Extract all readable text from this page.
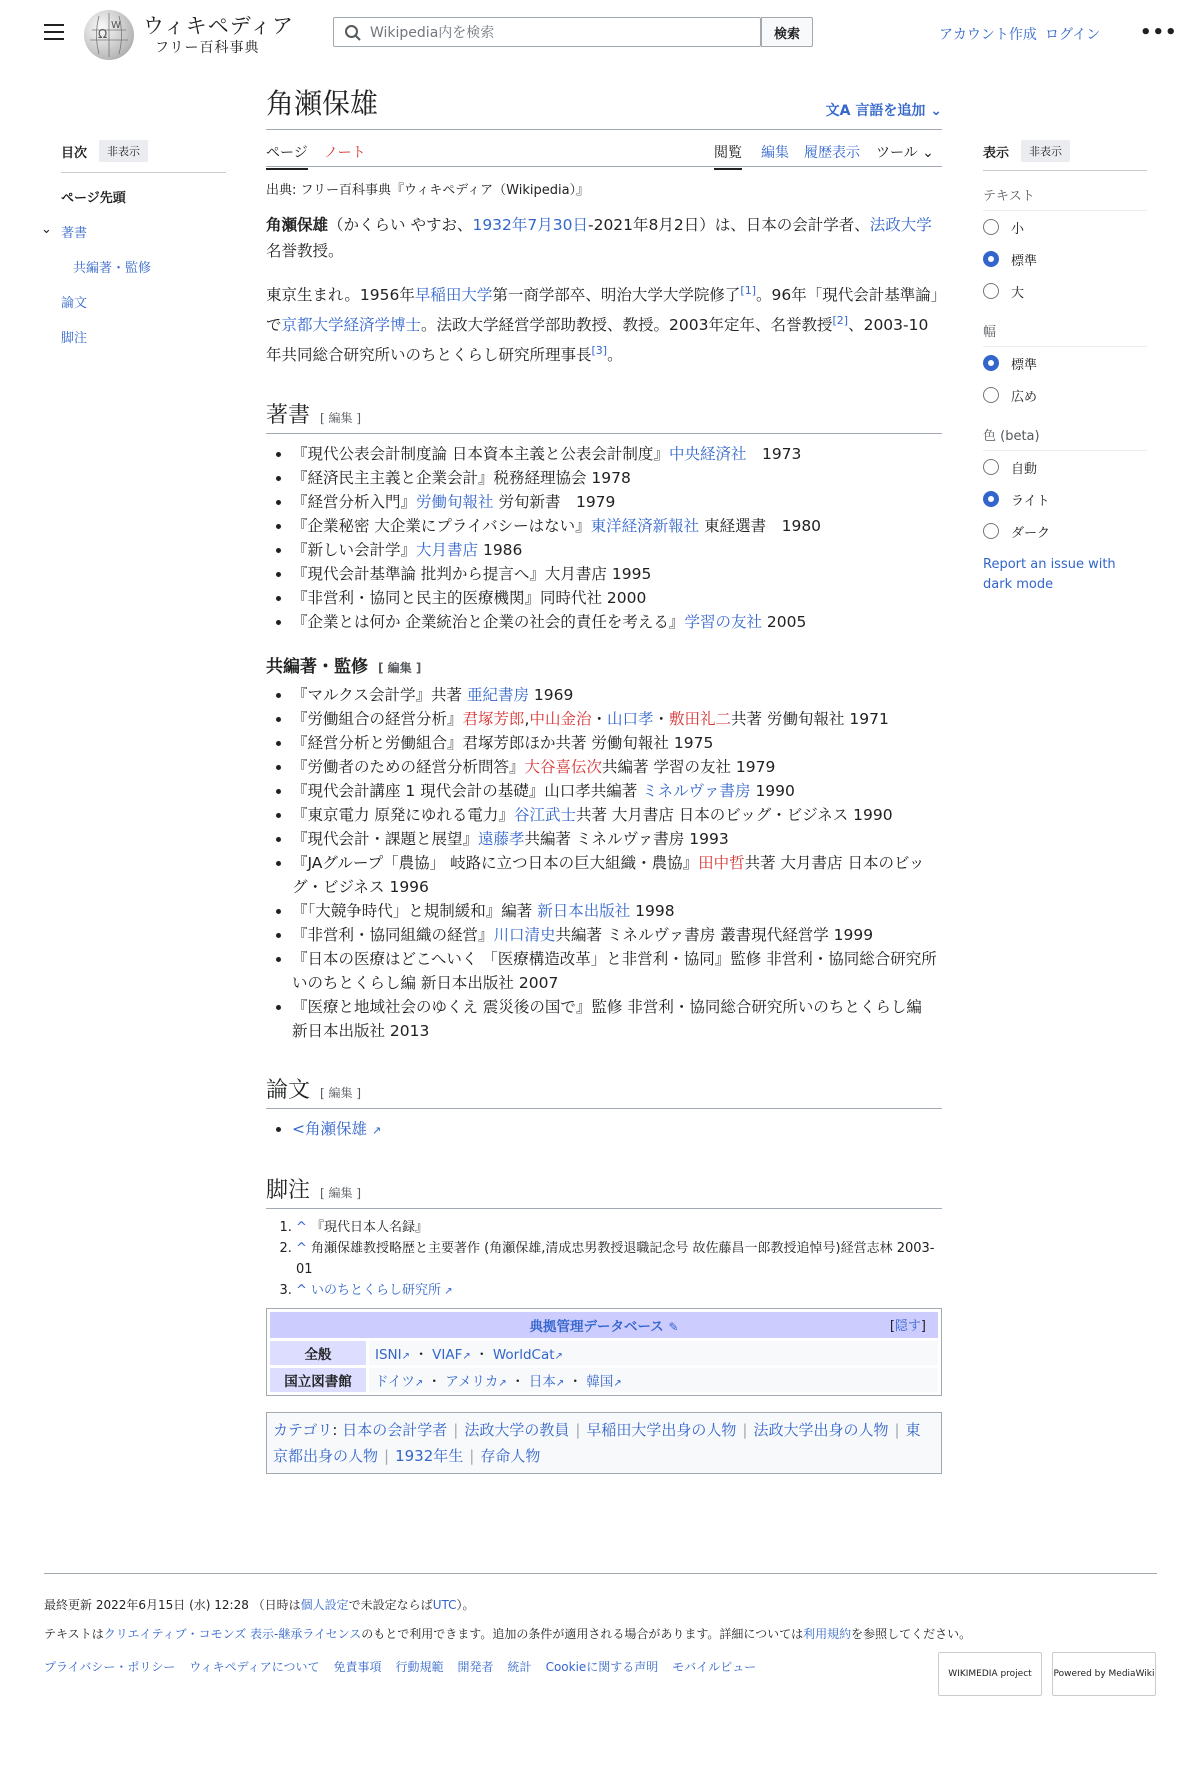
Ω
W ウィキペディア
フリー百科事典
Wikipedia内を検索
検索	アカウント作成 ログイン •••
目次	非表示
ページ先頭
⌄ 著書
共編著・監修
論文
脚注
表示	非表示
テキスト
小
標準
大
幅
標準
広め
色 (beta)
自動
ライト
ダーク
Report an issue with dark mode
角瀬保雄	文A 言語を追加 ⌄
ページ ノート	閲覧 編集 履歴表示 ツール ⌄
出典: フリー百科事典『ウィキペディア（Wikipedia）』

角瀬保雄（かくらい やすお、1932年7月30日-2021年8月2日）は、日本の会計学者、法政大学名誉教授。

東京生まれ。1956年早稲田大学第一商学部卒、明治大学大学院修了[1]。96年「現代会計基準論」で京都大学経済学博士。法政大学経営学部助教授、教授。2003年定年、名誉教授[2]、2003-10年共同総合研究所いのちとくらし研究所理事長[3]。

著書 [ 編集 ]
• 『現代公表会計制度論 日本資本主義と公表会計制度』中央経済社　1973
• 『経済民主主義と企業会計』税務経理協会 1978
• 『経営分析入門』労働旬報社 労旬新書　1979
• 『企業秘密 大企業にプライバシーはない』東洋経済新報社 東経選書　1980
• 『新しい会計学』大月書店 1986
• 『現代会計基準論 批判から提言へ』大月書店 1995
• 『非営利・協同と民主的医療機関』同時代社 2000
• 『企業とは何か 企業統治と企業の社会的責任を考える』学習の友社 2005
共編著・監修 [ 編集 ]
• 『マルクス会計学』共著 亜紀書房 1969
• 『労働組合の経営分析』君塚芳郎,中山金治・山口孝・敷田礼二共著 労働旬報社 1971
• 『経営分析と労働組合』君塚芳郎ほか共著 労働旬報社 1975
• 『労働者のための経営分析問答』大谷喜伝次共編著 学習の友社 1979
• 『現代会計講座 1 現代会計の基礎』山口孝共編著 ミネルヴァ書房 1990
• 『東京電力 原発にゆれる電力』谷江武士共著 大月書店 日本のビッグ・ビジネス 1990
• 『現代会計・課題と展望』遠藤孝共編著 ミネルヴァ書房 1993
• 『JAグループ「農協」 岐路に立つ日本の巨大組織・農協』田中哲共著 大月書店 日本のビッグ・ビジネス 1996
• 『「大競争時代」と規制緩和』編著 新日本出版社 1998
• 『非営利・協同組織の経営』川口清史共編著 ミネルヴァ書房 叢書現代経営学 1999
• 『日本の医療はどこへいく 「医療構造改革」と非営利・協同』監修 非営利・協同総合研究所いのちとくらし編 新日本出版社 2007
• 『医療と地域社会のゆくえ 震災後の国で』監修 非営利・協同総合研究所いのちとくらし編 新日本出版社 2013
論文 [ 編集 ]
• <角瀬保雄 ↗
脚注 [ 編集 ]
1. ^ 『現代日本人名録』
2. ^ 角瀬保雄教授略歴と主要著作 (角瀬保雄,清成忠男教授退職記念号 故佐藤昌一郎教授追悼号)経営志林 2003-01
3. ^ いのちとくらし研究所 ↗
典拠管理データベース ✎ [隠す]	

全般	ISNI↗ ・ VIAF↗ ・ WorldCat↗
国立図書館	ドイツ↗ ・ アメリカ↗ ・ 日本↗ ・ 韓国↗
カテゴリ: 日本の会計学者 | 法政大学の教員 | 早稲田大学出身の人物 | 法政大学出身の人物 | 東京都出身の人物 | 1932年生 | 存命人物
最終更新 2022年6月15日 (水) 12:28 （日時は個人設定で未設定ならばUTC）。
テキストはクリエイティブ・コモンズ 表示-継承ライセンスのもとで利用できます。追加の条件が適用される場合があります。詳細については利用規約を参照してください。
プライバシー・ポリシー ウィキペディアについて 免責事項 行動規範 開発者 統計 Cookieに関する声明 モバイルビュー	WIKIMEDIA project	Powered by MediaWiki
